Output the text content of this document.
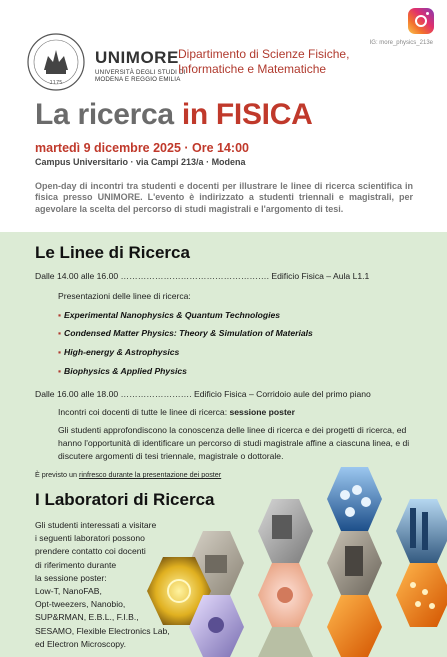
1175
UNIMORE
UNIVERSITÀ DEGLI STUDI DI
MODENA E REGGIO EMILIA
Dipartimento di Scienze Fisiche,
Informatiche e Matematiche
IG: more_physics_213e
La ricerca in FISICA
martedì 9 dicembre 2025 · Ore 14:00
Campus Universitario · via Campi 213/a · Modena
Open-day di incontri tra studenti e docenti per illustrare le linee di ricerca scientifica in fisica presso UNIMORE. L'evento è indirizzato a studenti triennali e magistrali, per agevolare la scelta del percorso di studi magistrali e l'argomento di tesi.
Le Linee di Ricerca
Dalle 14.00 alle 16.00 ……………………………………………. Edificio Fisica – Aula L1.1
Presentazioni delle linee di ricerca:
▪ Experimental Nanophysics & Quantum Technologies
▪ Condensed Matter Physics: Theory & Simulation of Materials
▪ High-energy & Astrophysics
▪ Biophysics & Applied Physics
Dalle 16.00 alle 18.00 ……………………. Edificio Fisica – Corridoio aule del primo piano
Incontri coi docenti di tutte le linee di ricerca: sessione poster
Gli studenti approfondiscono la conoscenza delle linee di ricerca e dei progetti di ricerca, ed hanno l'opportunità di identificare un percorso di studi magistrale affine a ciascuna linea, e di discutere argomenti di tesi triennale, magistrale o dottorale.
È previsto un rinfresco durante la presentazione dei poster
I Laboratori di Ricerca
Gli studenti interessati a visitare
i seguenti laboratori possono
prendere contatto coi docenti
di riferimento durante
la sessione poster:
Low-T, NanoFAB,
Opt-tweezers, Nanobio,
SUP&RMAN, E.B.L., F.I.B.,
SESAMO, Flexible Electronics Lab,
ed Electron Microscopy.
